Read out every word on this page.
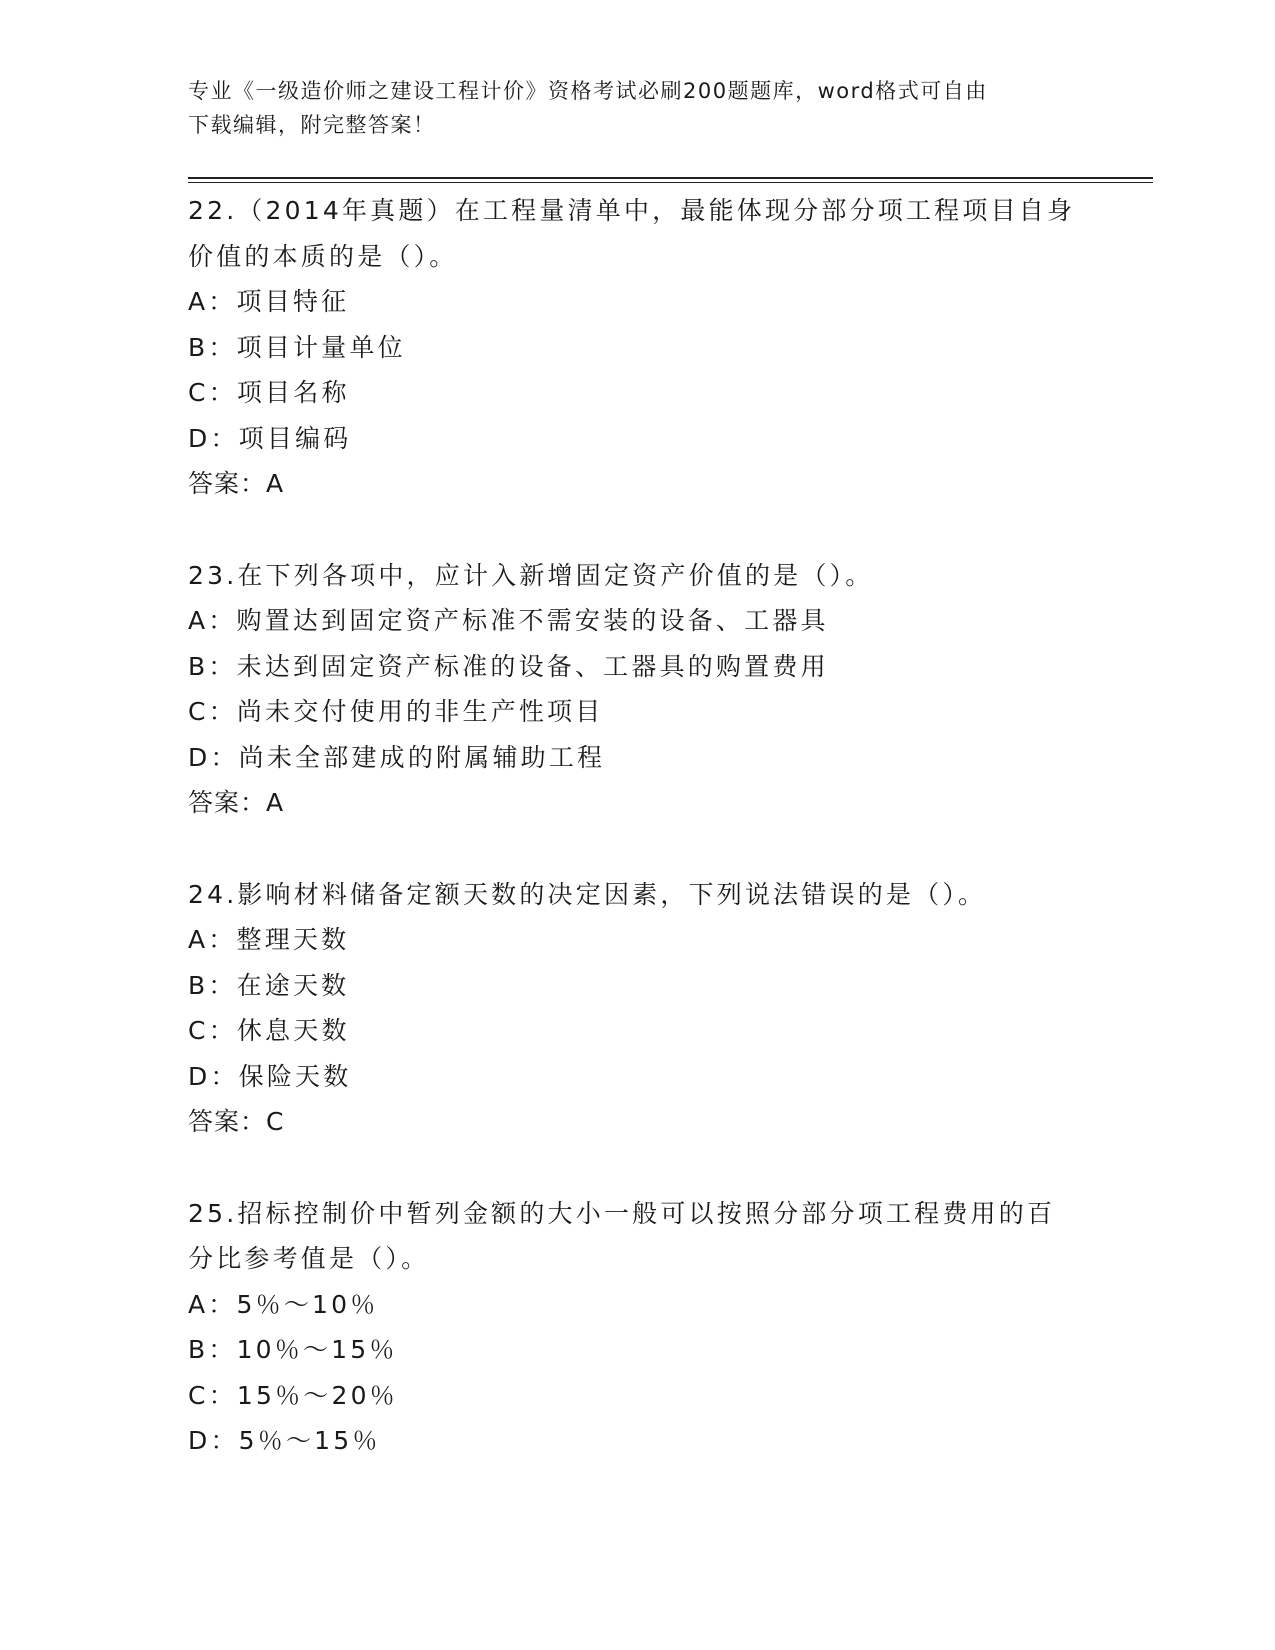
专业《一级造价师之建设工程计价》资格考试必刷200题题库，word格式可自由
下载编辑，附完整答案！
22.（2014年真题）在工程量清单中，最能体现分部分项工程项目自身价值的本质的是（）。
A：项目特征
B：项目计量单位
C：项目名称
D：项目编码
答案：A
23.在下列各项中，应计入新增固定资产价值的是（）。
A：购置达到固定资产标准不需安装的设备、工器具
B：未达到固定资产标准的设备、工器具的购置费用
C：尚未交付使用的非生产性项目
D：尚未全部建成的附属辅助工程
答案：A
24.影响材料储备定额天数的决定因素，下列说法错误的是（）。
A：整理天数
B：在途天数
C：休息天数
D：保险天数
答案：C
25.招标控制价中暂列金额的大小一般可以按照分部分项工程费用的百分比参考值是（）。
A：5％～10％
B：10％～15％
C：15％～20％
D：5％～15％
